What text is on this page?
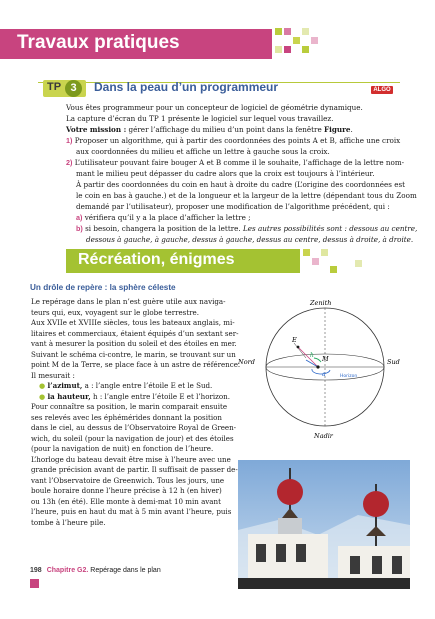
Travaux pratiques
TP 3	Dans la peau d’un programmeur	ALGO
Vous êtes programmeur pour un concepteur de logiciel de géométrie dynamique.
La capture d’écran du TP 1 présente le logiciel sur lequel vous travaillez.
Votre mission : gérer l’affichage du milieu d’un point dans la fenêtre Figure.
1) Proposer un algorithme, qui à partir des coordonnées des points A et B, affiche une croix
aux coordonnées du milieu et affiche un lettre à gauche sous la croix.
2) L’utilisateur pouvant faire bouger A et B comme il le souhaite, l’affichage de la lettre nom-
mant le milieu peut dépasser du cadre alors que la croix est toujours à l’intérieur.
À partir des coordonnées du coin en haut à droite du cadre (L’origine des coordonnées est
le coin en bas à gauche.) et de la longueur et la largeur de la lettre (dépendant tous du Zoom
demandé par l’utilisateur), proposer une modification de l’algorithme précédent, qui :
a) vérifiera qu’il y a la place d’afficher la lettre ;
b) si besoin, changera la position de la lettre. Les autres possibilités sont : dessous au centre,
dessous à gauche, à gauche, dessus à gauche, dessus au centre, dessus à droite, à droite.
Récréation, énigmes
Un drôle de repère : la sphère céleste
Le repérage dans le plan n’est guère utile aux naviga-
teurs qui, eux, voyagent sur le globe terrestre.
Aux XVIIe et XVIIIe siècles, tous les bateaux anglais, mi-
litaires et commerciaux, étaient équipés d’un sextant ser-
vant à mesurer la position du soleil et des étoiles en mer.
Suivant le schéma ci-contre, le marin, se trouvant sur un
point M de la Terre, se place face à un astre de référence.
Il mesurait :
● l’azimut, a : l’angle entre l’étoile E et le Sud.
● la hauteur, h : l’angle entre l’étoile E et l’horizon.
Pour connaître sa position, le marin comparait ensuite
ses relevés avec les éphémérides donnant la position
dans le ciel, au dessus de l’Observatoire Royal de Green-
wich, du soleil (pour la navigation de jour) et des étoiles
(pour la navigation de nuit) en fonction de l’heure.
L’horloge du bateau devait être mise à l’heure avec une
grande précision avant de partir. Il suffisait de passer de-
vant l’Observatoire de Greenwich. Tous les jours, une
boule horaire donne l’heure précise à 12 h (en hiver)
ou 13h (en été). Elle monte à demi-mat 10 min avant
l’heure, puis en haut du mat à 5 min avant l’heure, puis
tombe à l’heure pile.
Zenith
Nadir
Nord	Sud
E
M
h
a	Horizon
198 Chapitre G2. Repérage dans le plan
